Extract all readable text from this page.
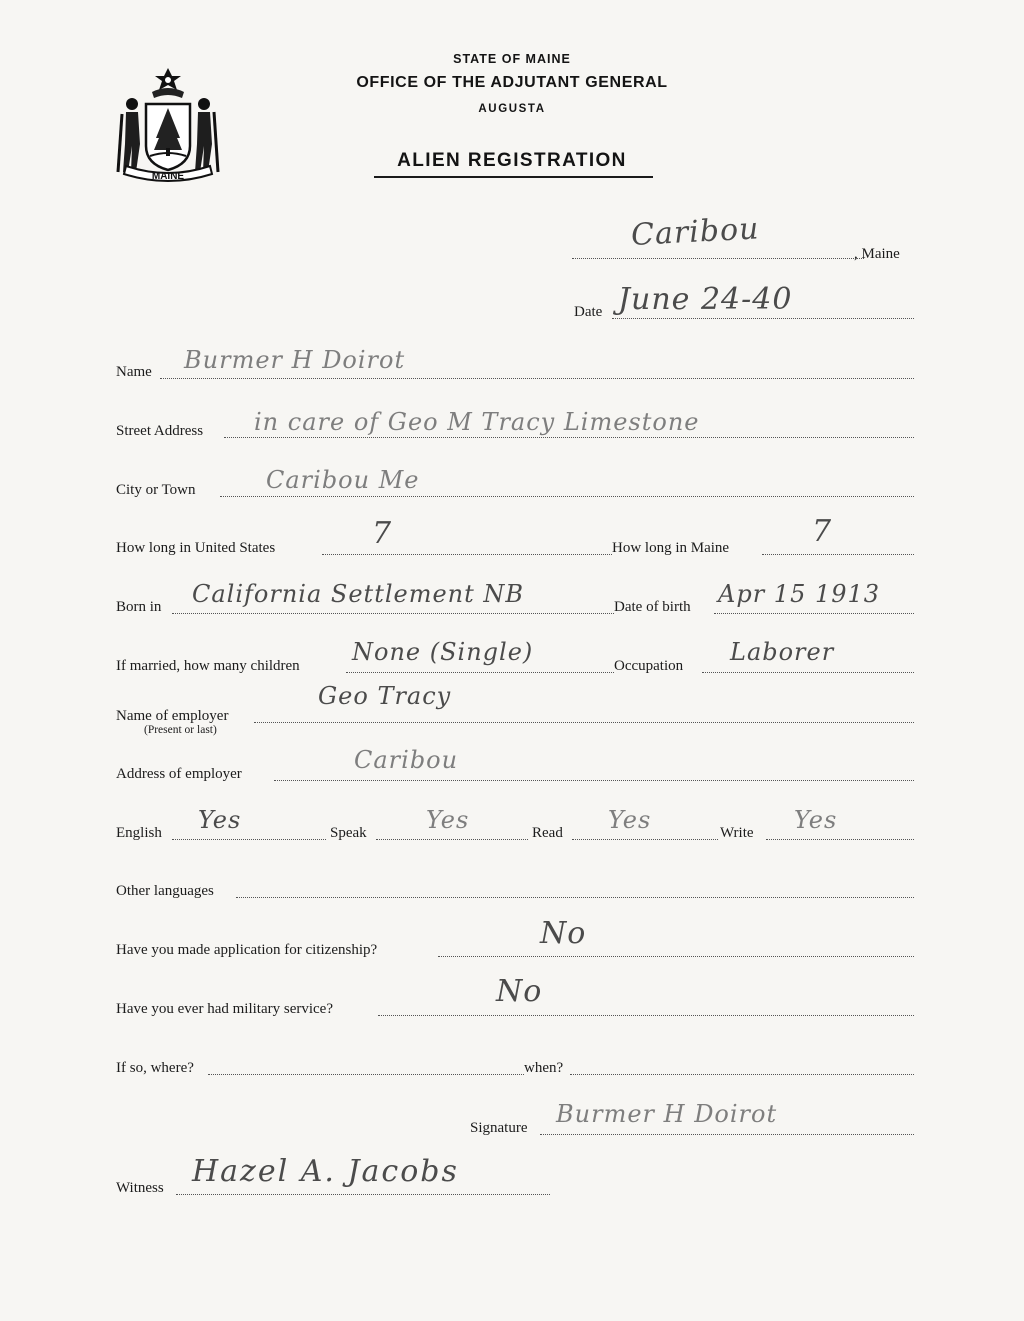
MAINE
STATE OF MAINE
OFFICE OF THE ADJUTANT GENERAL
AUGUSTA
ALIEN REGISTRATION
Caribou
, Maine
Date June 24-40
Name Burmer H Doirot
Street Address in care of Geo M Tracy Limestone
City or Town	Caribou Me
How long in United States	7	How long in Maine	7
Born in California Settlement NB	Date of birth Apr 15 1913
If married, how many children None (Single)	Occupation Laborer
Name of employer
(Present or last)
Geo Tracy
Address of employer	Caribou
English Yes	Speak Yes	Read Yes	Write Yes
Other languages
Have you made application for citizenship?	No
Have you ever had military service?	No
If so, where?	when?
Signature Burmer H Doirot
Witness Hazel A. Jacobs
